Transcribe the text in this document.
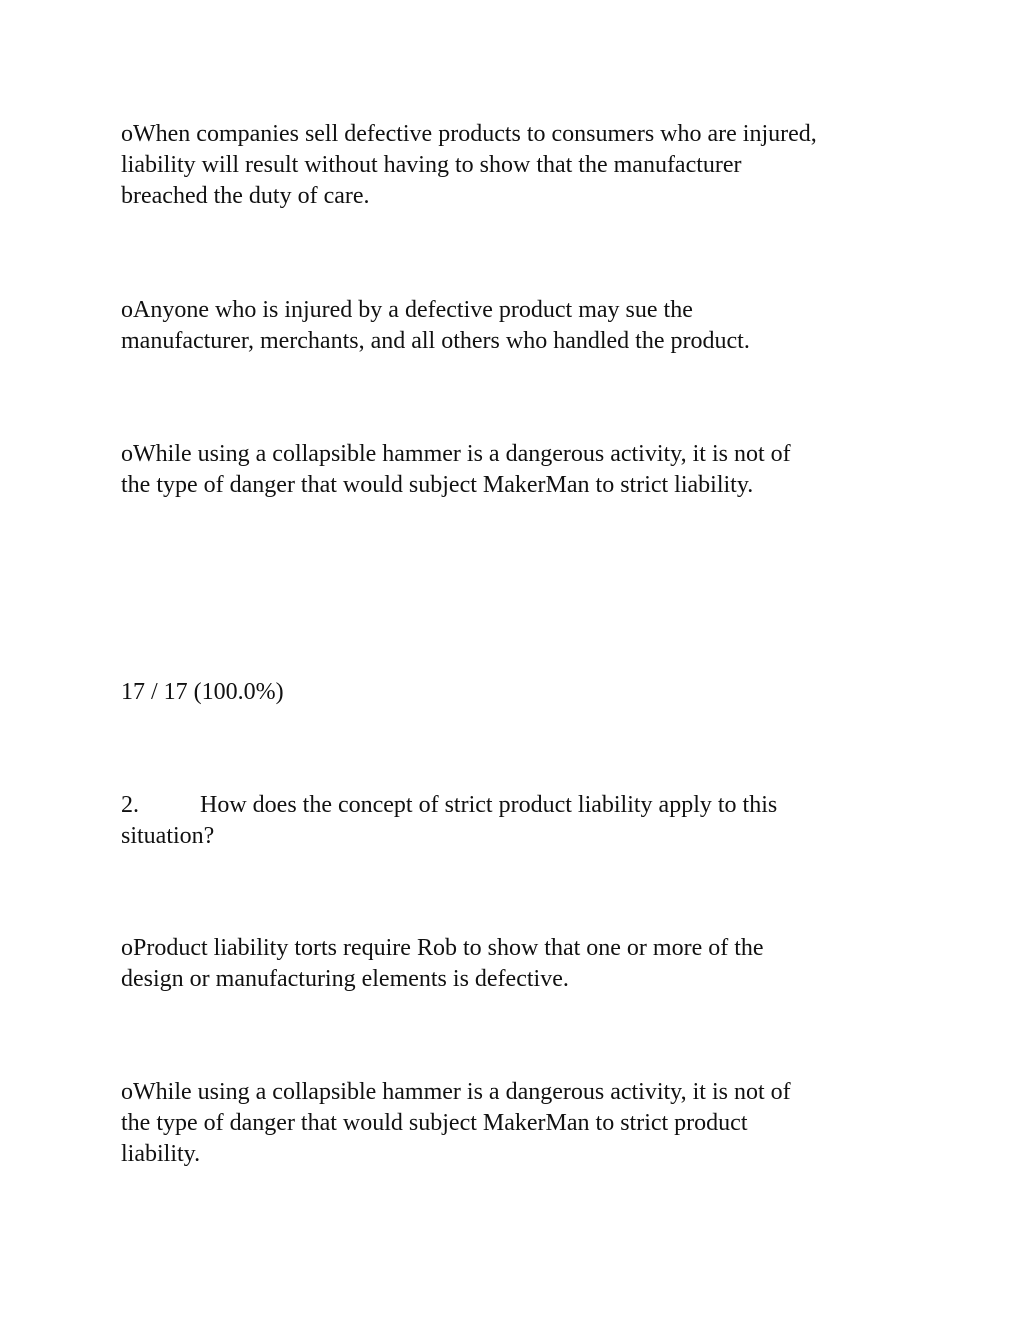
oWhen companies sell defective products to consumers who are injured,
liability will result without having to show that the manufacturer
breached the duty of care.

oAnyone who is injured by a defective product may sue the
manufacturer, merchants, and all others who handled the product.

oWhile using a collapsible hammer is a dangerous activity, it is not of
the type of danger that would subject MakerMan to strict liability.

17 / 17 (100.0%)

2.	How does the concept of strict product liability apply to this
situation?

oProduct liability torts require Rob to show that one or more of the
design or manufacturing elements is defective.

oWhile using a collapsible hammer is a dangerous activity, it is not of
the type of danger that would subject MakerMan to strict product
liability.
